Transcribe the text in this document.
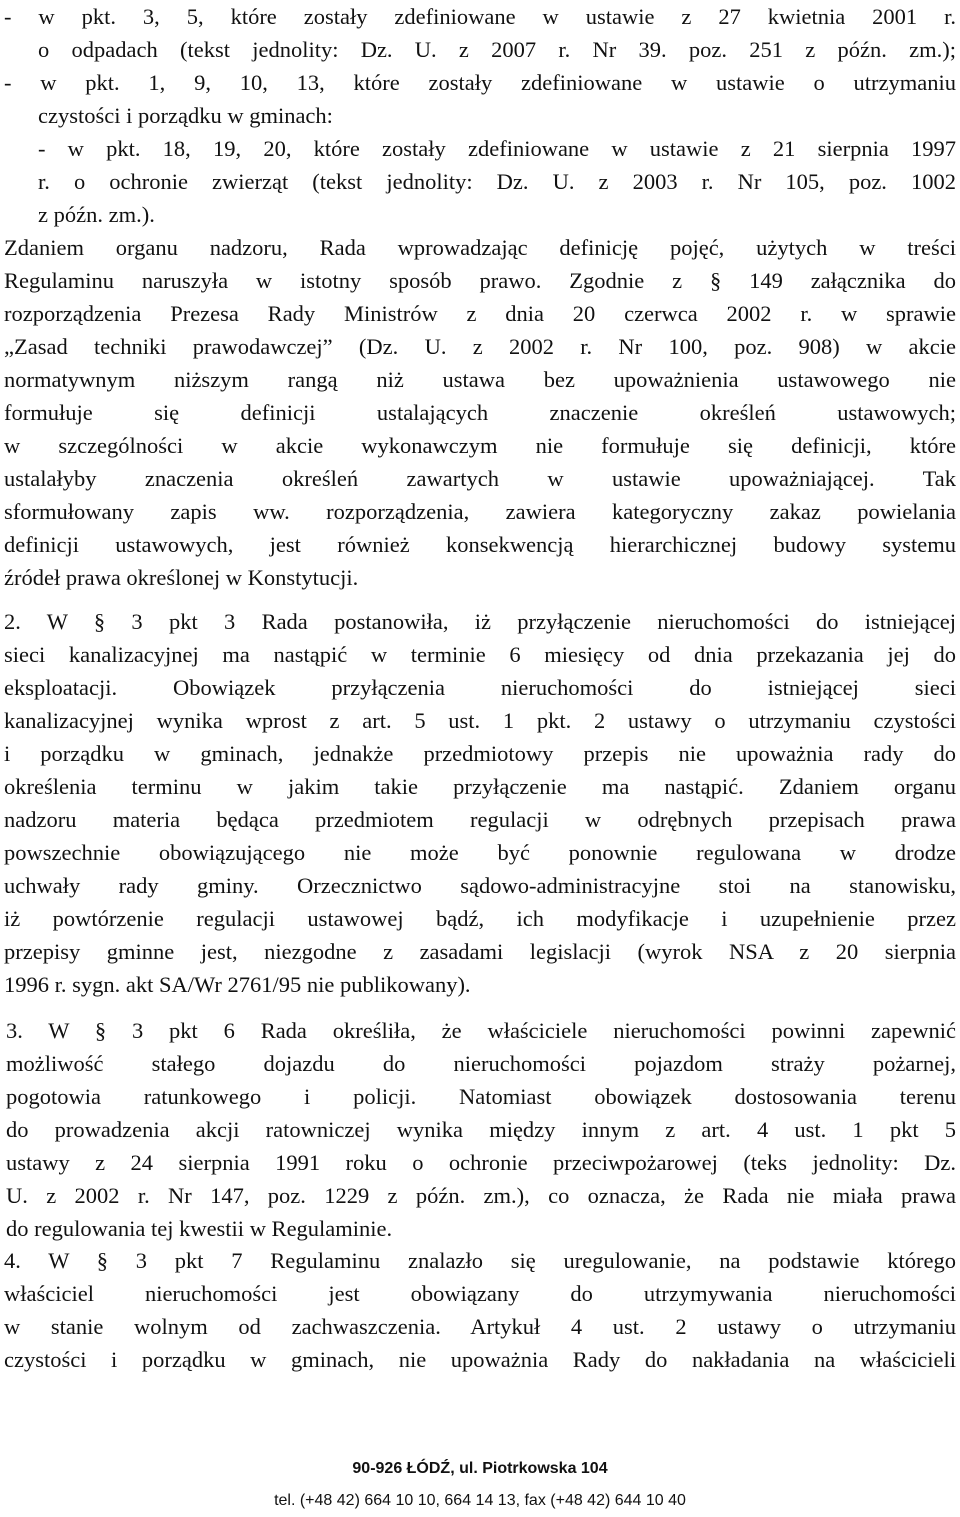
- w pkt. 3, 5, które zostały zdefiniowane w ustawie z 27 kwietnia 2001 r.
o odpadach (tekst jednolity: Dz. U. z 2007 r. Nr 39. poz. 251 z późn. zm.);
- w pkt. 1, 9, 10, 13, które zostały zdefiniowane w ustawie o utrzymaniu
czystości i porządku w gminach:
- w pkt. 18, 19, 20, które zostały zdefiniowane w ustawie z 21 sierpnia 1997
r. o ochronie zwierząt (tekst jednolity: Dz. U. z 2003 r. Nr 105, poz. 1002
z późn. zm.).
Zdaniem organu nadzoru, Rada wprowadzając definicję pojęć, użytych w treści
Regulaminu naruszyła w istotny sposób prawo. Zgodnie z § 149 załącznika do
rozporządzenia Prezesa Rady Ministrów z dnia 20 czerwca 2002 r. w sprawie
„Zasad techniki prawodawczej” (Dz. U. z 2002 r. Nr 100, poz. 908) w akcie
normatywnym niższym rangą niż ustawa bez upoważnienia ustawowego nie
formułuje się definicji ustalających znaczenie określeń ustawowych;
w szczególności w akcie wykonawczym nie formułuje się definicji, które
ustalałyby znaczenia określeń zawartych w ustawie upoważniającej. Tak
sformułowany zapis ww. rozporządzenia, zawiera kategoryczny zakaz powielania
definicji ustawowych, jest również konsekwencją hierarchicznej budowy systemu
źródeł prawa określonej w Konstytucji.
2. W § 3 pkt 3 Rada postanowiła, iż przyłączenie nieruchomości do istniejącej
sieci kanalizacyjnej ma nastąpić w terminie 6 miesięcy od dnia przekazania jej do
eksploatacji. Obowiązek przyłączenia nieruchomości do istniejącej sieci
kanalizacyjnej wynika wprost z art. 5 ust. 1 pkt. 2 ustawy o utrzymaniu czystości
i porządku w gminach, jednakże przedmiotowy przepis nie upoważnia rady do
określenia terminu w jakim takie przyłączenie ma nastąpić. Zdaniem organu
nadzoru materia będąca przedmiotem regulacji w odrębnych przepisach prawa
powszechnie obowiązującego nie może być ponownie regulowana w drodze
uchwały rady gminy. Orzecznictwo sądowo-administracyjne stoi na stanowisku,
iż powtórzenie regulacji ustawowej bądź, ich modyfikacje i uzupełnienie przez
przepisy gminne jest, niezgodne z zasadami legislacji (wyrok NSA z 20 sierpnia
1996 r. sygn. akt SA/Wr 2761/95 nie publikowany).
3. W § 3 pkt 6 Rada określiła, że właściciele nieruchomości powinni zapewnić
możliwość stałego dojazdu do nieruchomości pojazdom straży pożarnej,
pogotowia ratunkowego i policji. Natomiast obowiązek dostosowania terenu
do prowadzenia akcji ratowniczej wynika między innym z art. 4 ust. 1 pkt 5
ustawy z 24 sierpnia 1991 roku o ochronie przeciwpożarowej (teks jednolity: Dz.
U. z 2002 r. Nr 147, poz. 1229 z późn. zm.), co oznacza, że Rada nie miała prawa
do regulowania tej kwestii w Regulaminie.
4. W § 3 pkt 7 Regulaminu znalazło się uregulowanie, na podstawie którego
właściciel nieruchomości jest obowiązany do utrzymywania nieruchomości
w stanie wolnym od zachwaszczenia. Artykuł 4 ust. 2 ustawy o utrzymaniu
czystości i porządku w gminach, nie upoważnia Rady do nakładania na właścicieli
90-926 ŁÓDŹ, ul. Piotrkowska 104
tel. (+48 42) 664 10 10, 664 14 13, fax (+48 42) 644 10 40
